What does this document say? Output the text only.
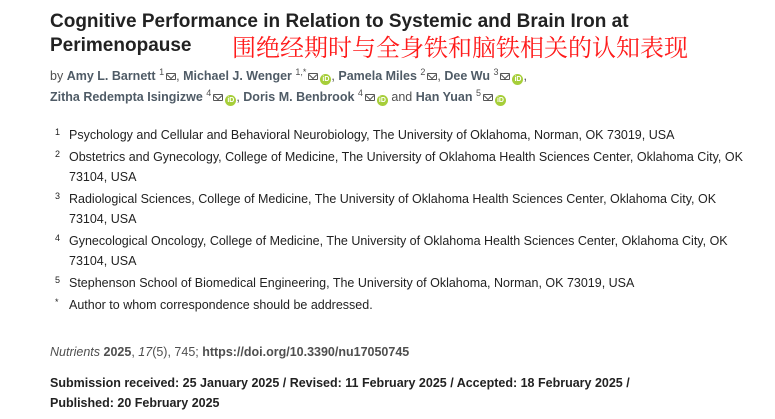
Cognitive Performance in Relation to Systemic and Brain Iron at Perimenopause	围绝经期时与全身铁和脑铁相关的认知表现
by Amy L. Barnett $^1$ , Michael J. Wenger $^{1,*}$iD , Pamela Miles $^2$ , Dee Wu $^3$iD ,
Zitha Redempta Isingizwe $^4$iD , Doris M. Benbrook $^4$iD and Han Yuan $^5$iD
1 Psychology and Cellular and Behavioral Neurobiology, The University of Oklahoma, Norman, OK 73019, USA
2 Obstetrics and Gynecology, College of Medicine, The University of Oklahoma Health Sciences Center, Oklahoma City, OK 73104, USA
3 Radiological Sciences, College of Medicine, The University of Oklahoma Health Sciences Center, Oklahoma City, OK 73104, USA
4 Gynecological Oncology, College of Medicine, The University of Oklahoma Health Sciences Center, Oklahoma City, OK 73104, USA
5 Stephenson School of Biomedical Engineering, The University of Oklahoma, Norman, OK 73019, USA
* Author to whom correspondence should be addressed.
Nutrients 2025, 17(5), 745; https://doi.org/10.3390/nu17050745
Submission received: 25 January 2025 / Revised: 11 February 2025 / Accepted: 18 February 2025 /
Published: 20 February 2025
